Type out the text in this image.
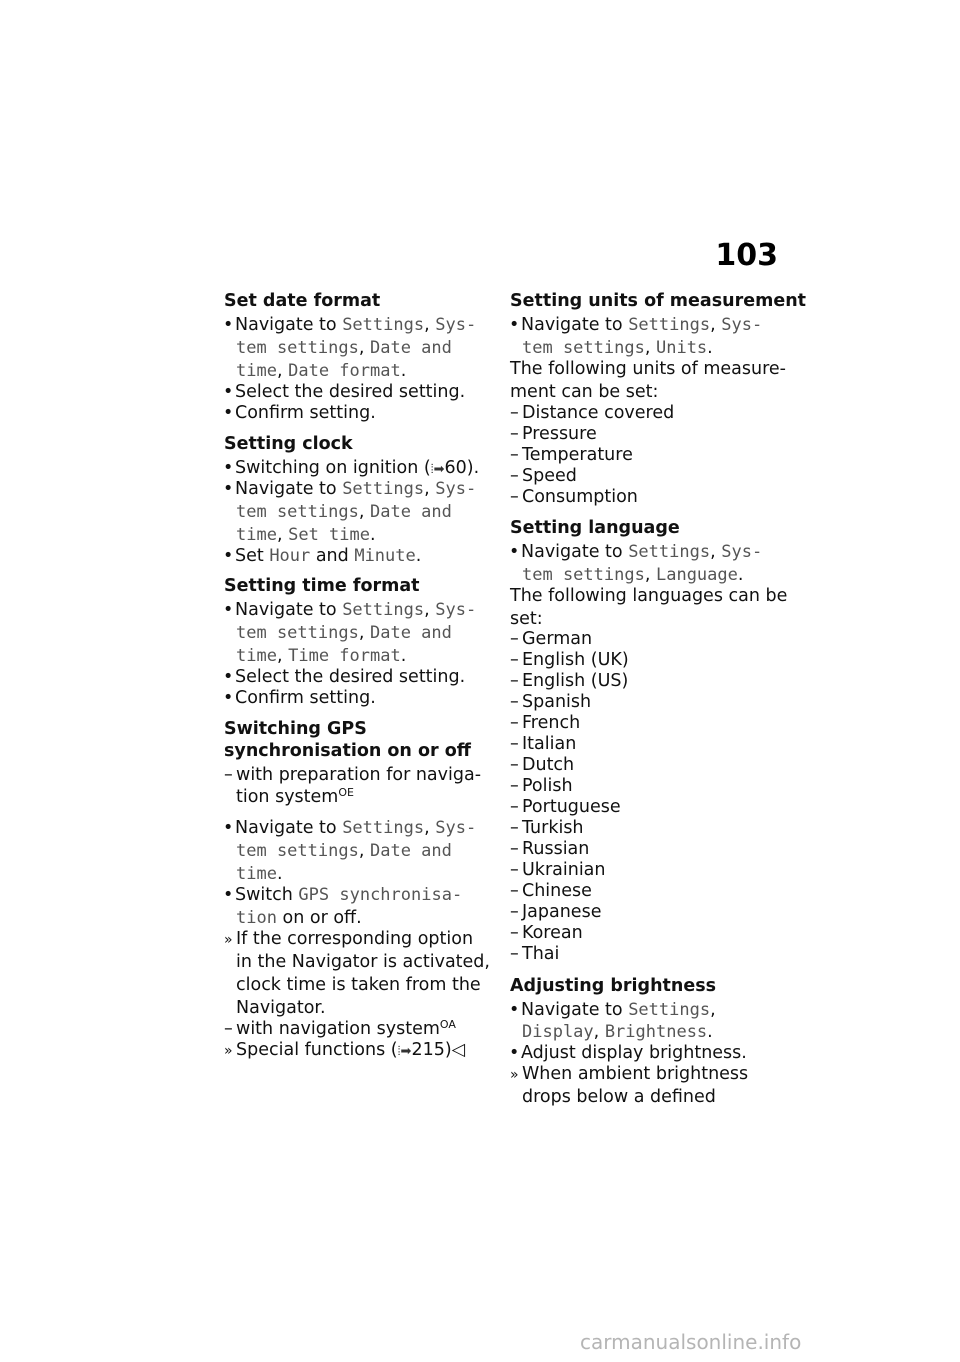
103
Set date format
• Navigate to Settings, Sys-
tem settings, Date and
time, Date format.
• Select the desired setting.
• Confirm setting.
Setting clock
• Switching on ignition (⦙➡60).
• Navigate to Settings, Sys-
tem settings, Date and
time, Set time.
• Set Hour and Minute.
Setting time format
• Navigate to Settings, Sys-
tem settings, Date and
time, Time format.
• Select the desired setting.
• Confirm setting.
Switching GPS
synchronisation on or off
– with preparation for naviga-
tion system$^{OE}$
• Navigate to Settings, Sys-
tem settings, Date and
time.
• Switch GPS synchronisa-
tion on or off.
» If the corresponding option
in the Navigator is activated,
clock time is taken from the
Navigator.
– with navigation system$^{OA}$
» Special functions (⦙➡215)◁
Setting units of measurement
• Navigate to Settings, Sys-
tem settings, Units.
The following units of measure-
ment can be set:
– Distance covered
– Pressure
– Temperature
– Speed
– Consumption
Setting language
• Navigate to Settings, Sys-
tem settings, Language.
The following languages can be
set:
– German
– English (UK)
– English (US)
– Spanish
– French
– Italian
– Dutch
– Polish
– Portuguese
– Turkish
– Russian
– Ukrainian
– Chinese
– Japanese
– Korean
– Thai
Adjusting brightness
• Navigate to Settings,
Display, Brightness.
• Adjust display brightness.
» When ambient brightness
drops below a defined
carmanualsonline.info
